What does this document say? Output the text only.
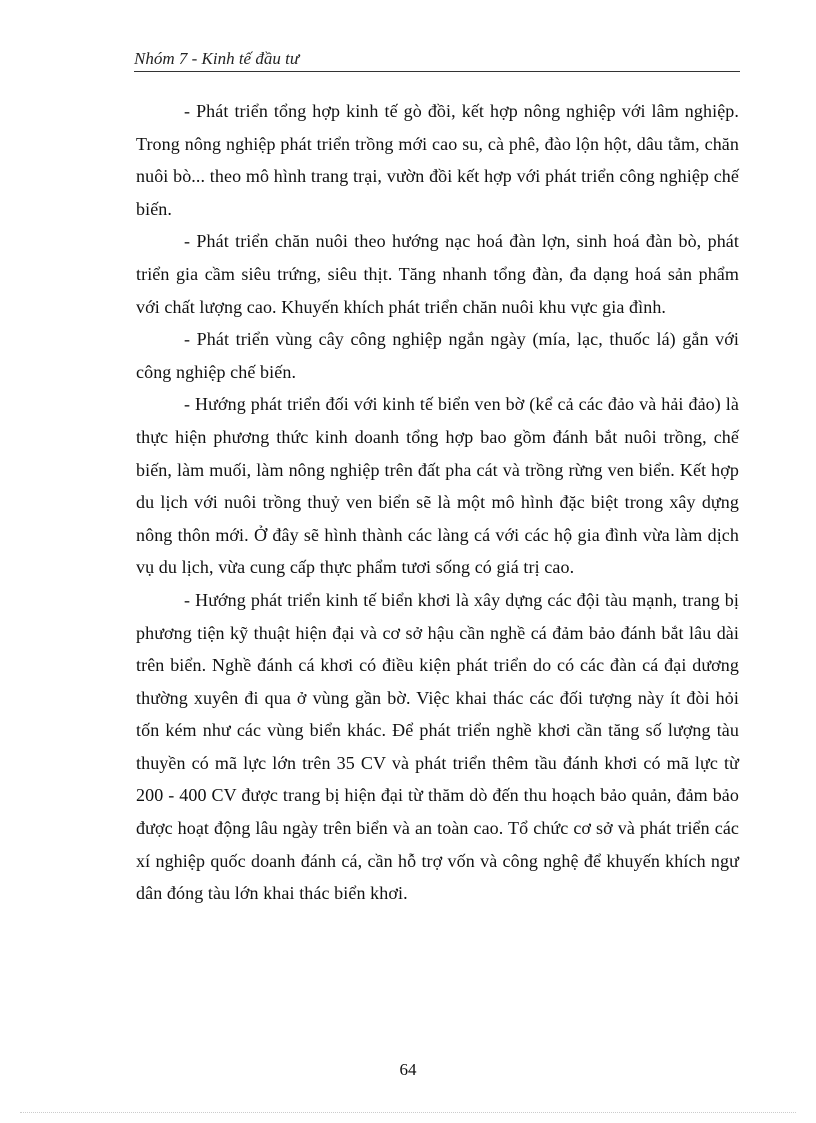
Nhóm 7 - Kinh tế đầu tư

- Phát triển tổng hợp kinh tế gò đồi, kết hợp nông nghiệp với lâm nghiệp. Trong nông nghiệp phát triển trồng mới cao su, cà phê, đào lộn hột, dâu tằm, chăn nuôi bò... theo mô hình trang trại, vườn đồi kết hợp với phát triển công nghiệp chế biến.

- Phát triển chăn nuôi theo hướng nạc hoá đàn lợn, sinh hoá đàn bò, phát triển gia cầm siêu trứng, siêu thịt. Tăng nhanh tổng đàn, đa dạng hoá sản phẩm với chất lượng cao. Khuyến khích phát triển chăn nuôi khu vực gia đình.

- Phát triển vùng cây công nghiệp ngắn ngày (mía, lạc, thuốc lá) gắn với công nghiệp chế biến.

- Hướng phát triển đối với kinh tế biển ven bờ (kể cả các đảo và hải đảo) là thực hiện phương thức kinh doanh tổng hợp bao gồm đánh bắt nuôi trồng, chế biến, làm muối, làm nông nghiệp trên đất pha cát và trồng rừng ven biển. Kết hợp du lịch với nuôi trồng thuỷ ven biển sẽ là một mô hình đặc biệt trong xây dựng nông thôn mới. Ở đây sẽ hình thành các làng cá với các hộ gia đình vừa làm dịch vụ du lịch, vừa cung cấp thực phẩm tươi sống có giá trị cao.

- Hướng phát triển kinh tế biển khơi là xây dựng các đội tàu mạnh, trang bị phương tiện kỹ thuật hiện đại và cơ sở hậu cần nghề cá đảm bảo đánh bắt lâu dài trên biển. Nghề đánh cá khơi có điều kiện phát triển do có các đàn cá đại dương thường xuyên đi qua ở vùng gần bờ. Việc khai thác các đối tượng này ít đòi hỏi tốn kém như các vùng biển khác. Để phát triển nghề khơi cần tăng số lượng tàu thuyền có mã lực lớn trên 35 CV và phát triển thêm tầu đánh khơi có mã lực từ 200 - 400 CV được trang bị hiện đại từ thăm dò đến thu hoạch bảo quản, đảm bảo được hoạt động lâu ngày trên biển và an toàn cao. Tổ chức cơ sở và phát triển các xí nghiệp quốc doanh đánh cá, cần hỗ trợ vốn và công nghệ để khuyến khích ngư dân đóng tàu lớn khai thác biển khơi.

64
